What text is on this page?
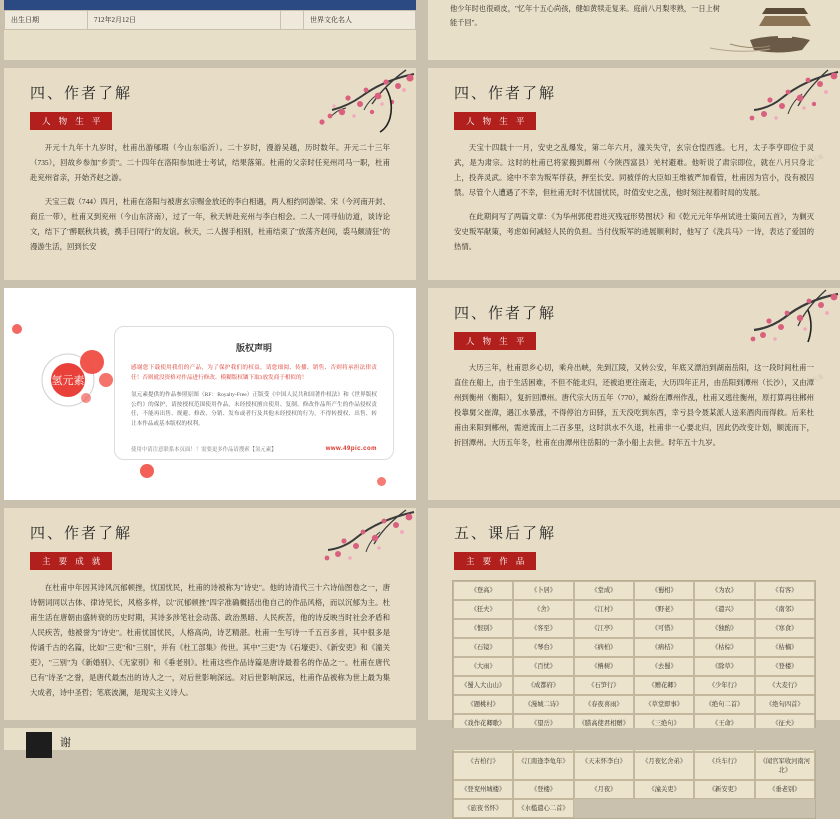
出生日期	712年2月12日		世界文化名人
他少年时也很顽皮，"忆年十五心尚孩，健如黄犊走复来。庭前八月梨枣熟，一日上树能千回"。
四、作者了解
人 物 生 平

开元十九年十九岁时，杜甫出游郇瑕（今山东临沂）。二十岁时，漫游吴越，历时数年。开元二十三年（735），回故乡参加"乡贡"。二十四年在洛阳参加进士考试，结果落第。杜甫的父亲时任兖州司马一职，杜甫赴兖州省亲，开始齐赵之游。

天宝三载（744）四月，杜甫在洛阳与被唐玄宗赐金放还的李白相遇，两人相约同游梁、宋（今河南开封、商丘一带），杜甫又到兖州（今山东济南），过了一年，秋天转赴兖州与李白相会。二人一同寻仙访道，谈诗论文，结下了"醉眠秋共被，携手日同行"的友谊。秋天，二人握手相别，杜甫结束了"放荡齐赵间，裘马颇清狂"的漫游生活，回到长安

四、作者了解
人 物 生 平

天宝十四载十一月，安史之乱爆发，第二年六月，潼关失守，玄宗仓惶西逃。七月，太子李亨即位于灵武，是为肃宗。这时的杜甫已将家搬到鄜州（今陕西富县）羌村避难。他听说了肃宗即位，就在八月只身北上，投奔灵武。途中不幸为叛军俘获，押至长安。同被俘的大臣如王维被严加看管，杜甫因为官小，没有被囚禁。尽管个人遭遇了不幸，但杜甫无时不忧国忧民，时值安史之乱，他时刻注视着时局的发展。

在此期间写了两篇文章：《为华州郭使君进灭残冠形势图状》和《乾元元年华州试进士策问五首》，为剿灭安史叛军献策，考虑如何减轻人民的负担。当付伐叛军的进展顺利时，他写了《洗兵马》一诗，表达了爱国的热情。

氢元素
氢元素
版权声明
感谢您下载使用我们的产品，为了保护我们的权益，请您细阅、传播、销售、否则将承担法律责任！否则就没资格对作品进行修改、模糊版权镶下取3放发商于相似的！
氢元素提供的作品参照原图（RF：Royalty-Free）正版受《中国人民共和国著作权法》和《世界版权公约》的保护，请按授权范围使用作品，未经授权擅自使用、复制、修改作品所产生的作品侵权责任，不能再出售、规避、修改、分销、发布或者行及其他未经授权的行为，不得转授权、出售、转让本作品或基本版权的权利。
使用中请注意联系本页面！！需要更多作品请搜索【氢元素】	www.49pic.com
四、作者了解
人 物 生 平

大历三年，杜甫思乡心切，乘舟出峡，先到江陵，又转公安，年底又漂泊到湖南岳阳，这一段时间杜甫一直住在船上，由于生活困难，不但不能北归，还被迫更往南走，大历四年正月，由岳阳到潭州（长沙），又由潭州到衡州（衡阳），复折回潭州。唐代宗大历五年（770），臧纷在潭州作乱，杜甫又逃往衡州，原打算再往郴州投靠舅父崔湋，遇江水暴涨，不得停泊方田驿，五天没吃到东西，幸亏县令聂某派人送来酒肉而得救。后来杜甫由来阳到郴州，需逆流而上二百多里，这时洪水不久退，杜甫非一心要北归，因此仍改变计划，顺流而下，折回潭州。大历五年冬，杜甫在由潭州往岳阳的一条小船上去世。时年五十九岁。

氢元素
四、作者了解
主 要 成 就

在杜甫中年因其诗风沉郁顿挫，忧国忧民，杜甫的诗被称为"诗史"。他的诗清代三十六诗仙图卷之一，唐诗朝词同以古体、律诗见长，风格多样，以"沉郁顿挫"四字准确概括出他自己的作品风格，而以沉郁为主。杜甫生活在唐朝由盛转衰的历史时期，其诗多涉笔社会动荡、政治黑暗、人民疾苦，他的诗反映当时社会矛盾和人民疾苦，他被誉为"诗史"。杜甫忧国忧民，人格高尚，诗艺精湛。杜甫一生写诗一千五百多首，其中很多是传诵千古的名篇，比如"三吏"和"三别"，并有《杜工部集》传世。其中"三吏"为《石壕吏》、《新安吏》和《潼关吏》，"三别"为《新婚别》、《无家别》和《垂老别》。杜甫这些作品诗篇是唐诗最着名的作品之一。杜甫在唐代已有"诗圣"之誉，是唐代最杰出的诗人之一，对后世影响深远。对后世影响深远，杜甫作品被称为世上最为集大成者，诗中圣哲；笔底波澜，是现实主义诗人。

五、课后了解
主 要 作 品
《登高》	《卜居》	《堂成》	《蜀相》	《为农》	《有客》
《狂夫》	《舍》	《江村》	《野老》	《遣兴》	《南邻》
《恨别》	《客至》	《江亭》	《可惜》	《独酌》	《寒食》
《石镜》	《琴台》	《病柏》	《病桔》	《枯棕》	《枯楠》
《大雨》	《百忧》	《柟树》	《去蜀》	《除草》	《登楼》
《蜀人大山山》	《成都府》	《石笋行》	《赠花卿》	《少年行》	《大麦行》
《题桃村》	《漫城二诗》	《春夜喜雨》	《草堂即事》	《绝句二首》	《绝句四首》
《戏作花卿歌》	《望岳》	《腊高使君相赠》	《三绝句》	《王命》	《征夫》
《古柏行》	《江南逢李龟年》	《天末怀李白》	《月夜忆舍弟》	《兵车行》	《闻官军收河南河北》
《登兖州城楼》	《登楼》	《月夜》	《潼关吏》	《新安吏》	《垂老别》
《旅夜书怀》	《水槛遣心二首》
谢
